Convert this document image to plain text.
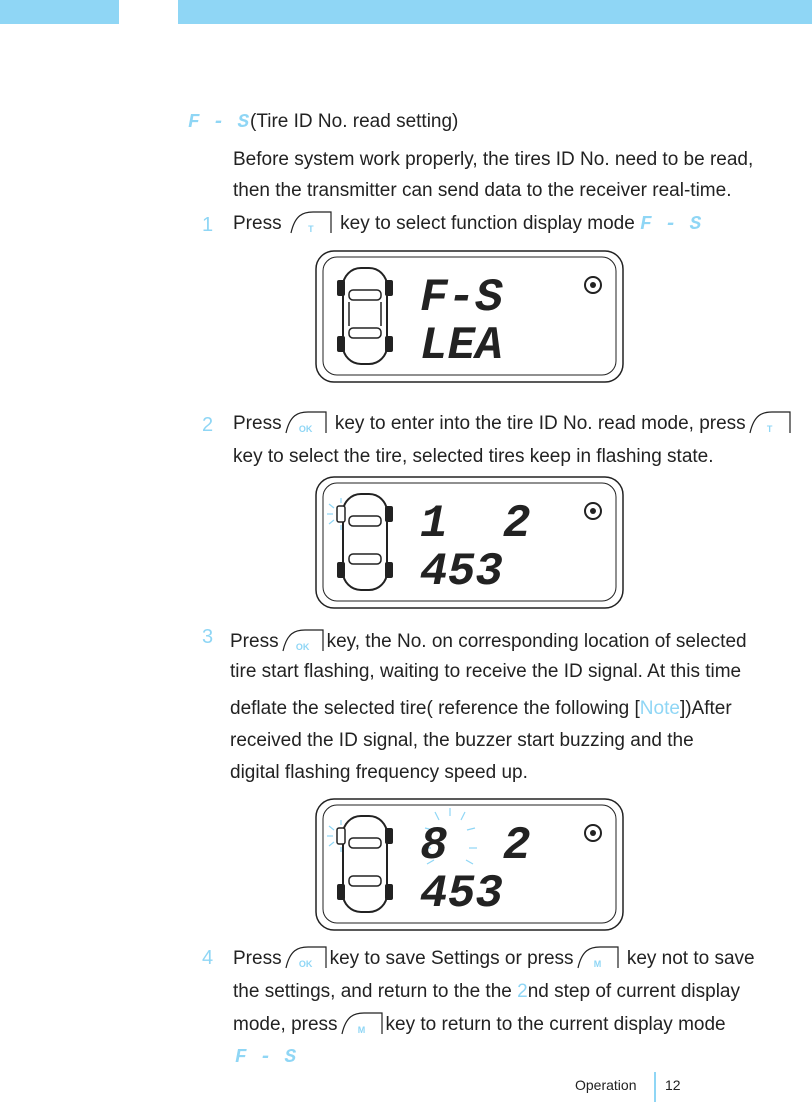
F - S(Tire ID No. read setting)
Before system work properly, the tires ID No. need to be read,
then the transmitter can send data to the receiver real-time.
1 Press	T	key to select function display mode F - S
F-S
LEA
2 Press	OK	key to enter into the tire ID No. read mode, press	T
key to select the tire, selected tires keep in flashing state.
1  2
453
3 Press	OK key, the No. on corresponding location of selected
tire start flashing, waiting to receive the ID signal. At this time
deflate the selected tire( reference the following [Note])After
received the ID signal, the buzzer start buzzing and the
digital flashing frequency speed up.
8  2
453
4 Press	OK key to save Settings or press	M	key not to save
the settings, and return to the the 2nd step of current display
mode, press	M	key to return to the current display mode
F - S
Operation 12
